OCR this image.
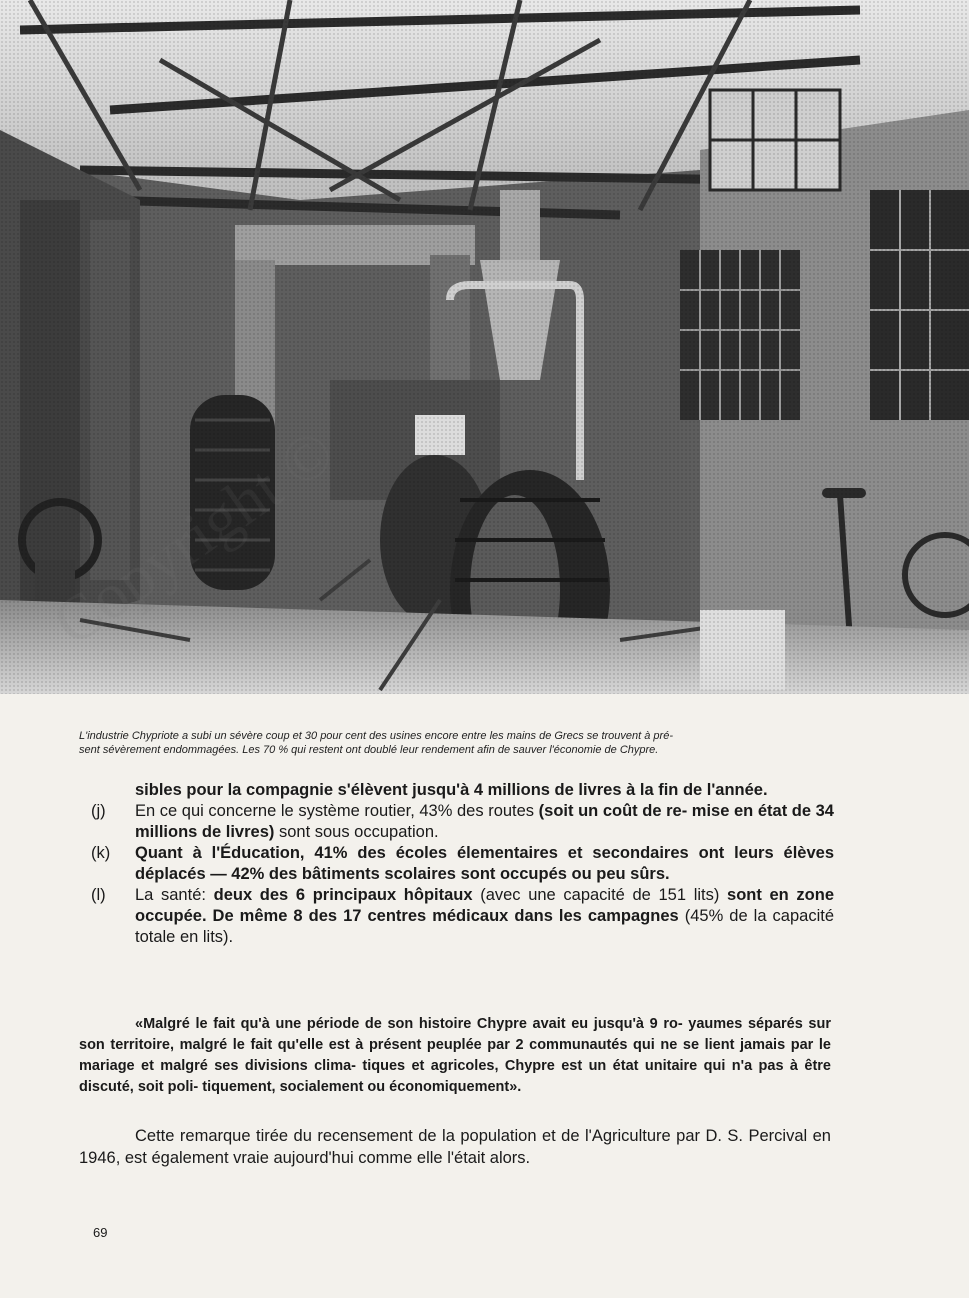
L'industrie Chypriote a subi un sévère coup et 30 pour cent des usines encore entre les mains de Grecs se trouvent à pré-

sent sévèrement endommagées. Les 70 % qui restent ont doublé leur rendement afin de sauver l'économie de Chypre.

sibles pour la compagnie s'élèvent jusqu'à 4 millions de livres à la fin de l'année.

(j)	En ce qui concerne le système routier, 43% des routes (soit un coût de re- mise en état de 34 millions de livres) sont sous occupation.
(k)	Quant à l'Éducation, 41% des écoles élementaires et secondaires ont leurs élèves déplacés — 42% des bâtiments scolaires sont occupés ou peu sûrs.
(l)	La santé: deux des 6 principaux hôpitaux (avec une capacité de 151 lits) sont en zone occupée. De même 8 des 17 centres médicaux dans les campagnes (45% de la capacité totale en lits).

«Malgré le fait qu'à une période de son histoire Chypre avait eu jusqu'à 9 ro- yaumes séparés sur son territoire, malgré le fait qu'elle est à présent peuplée par 2 communautés qui ne se lient jamais par le mariage et malgré ses divisions clima- tiques et agricoles, Chypre est un état unitaire qui n'a pas à être discuté, soit poli- tiquement, socialement ou économiquement».

Cette remarque tirée du recensement de la population et de l'Agriculture par D. S. Percival en 1946, est également vraie aujourd'hui comme elle l'était alors.

69
